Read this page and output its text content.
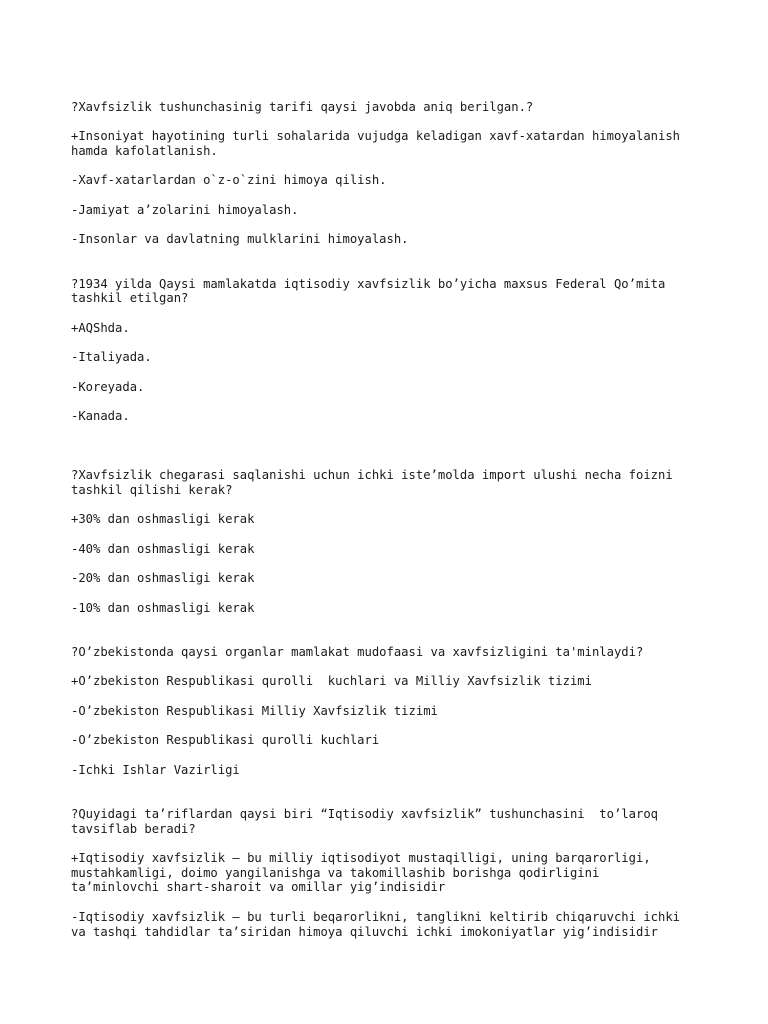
?Xavfsizlik tushunchasinig tarifi qaysi javobda aniq berilgan.?
+Insoniyat hayotining turli sohalarida vujudga keladigan xavf-xatardan himoyalanish
hamda kafolatlanish.
-Xavf-xatarlardan o`z-o`zini himoya qilish.
-Jamiyat a’zolarini himoyalash.
-Insonlar va davlatning mulklarini himoyalash.
?1934 yilda Qaysi mamlakatda iqtisodiy xavfsizlik bo’yicha maxsus Federal Qo’mita
tashkil etilgan?
+AQShda.
-Italiyada.
-Koreyada.
-Kanada.
?Xavfsizlik chegarasi saqlanishi uchun ichki iste’molda import ulushi necha foizni
tashkil qilishi kerak?
+30% dan oshmasligi kerak
-40% dan oshmasligi kerak
-20% dan oshmasligi kerak
-10% dan oshmasligi kerak
?O’zbekistonda qaysi organlar mamlakat mudofaasi va xavfsizligini ta'minlaydi?
+O’zbekiston Respublikasi qurolli  kuchlari va Milliy Xavfsizlik tizimi
-O’zbekiston Respublikasi Milliy Xavfsizlik tizimi
-O’zbekiston Respublikasi qurolli kuchlari
-Ichki Ishlar Vazirligi
?Quyidagi ta’riflardan qaysi biri “Iqtisodiy xavfsizlik” tushunchasini  to’laroq
tavsiflab beradi?
+Iqtisodiy xavfsizlik – bu milliy iqtisodiyot mustaqilligi, uning barqarorligi,
mustahkamligi, doimo yangilanishga va takomillashib borishga qodirligini
ta’minlovchi shart-sharoit va omillar yig’indisidir
-Iqtisodiy xavfsizlik – bu turli beqarorlikni, tanglikni keltirib chiqaruvchi ichki
va tashqi tahdidlar ta’siridan himoya qiluvchi ichki imokoniyatlar yig’indisidir
